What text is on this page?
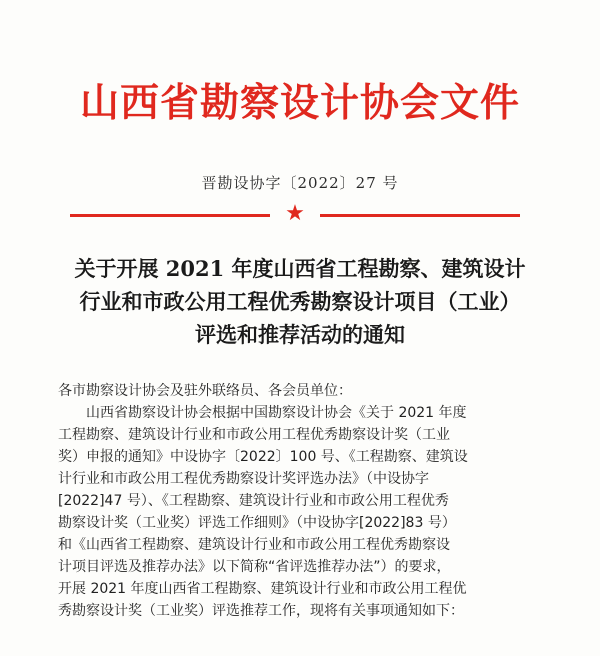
山西省勘察设计协会文件
晋勘设协字〔2022〕27 号
★
关于开展 2021 年度山西省工程勘察、建筑设计
行业和市政公用工程优秀勘察设计项目（工业）
评选和推荐活动的通知
各市勘察设计协会及驻外联络员、各会员单位：
山西省勘察设计协会根据中国勘察设计协会《关于 2021 年度
工程勘察、建筑设计行业和市政公用工程优秀勘察设计奖（工业
奖）申报的通知》中设协字〔2022〕100 号、《工程勘察、建筑设
计行业和市政公用工程优秀勘察设计奖评选办法》（中设协字
[2022]47 号）、《工程勘察、建筑设计行业和市政公用工程优秀
勘察设计奖（工业奖）评选工作细则》（中设协字[2022]83 号）
和《山西省工程勘察、建筑设计行业和市政公用工程优秀勘察设
计项目评选及推荐办法》以下简称“省评选推荐办法”）的要求，
开展 2021 年度山西省工程勘察、建筑设计行业和市政公用工程优
秀勘察设计奖（工业奖）评选推荐工作，现将有关事项通知如下：
